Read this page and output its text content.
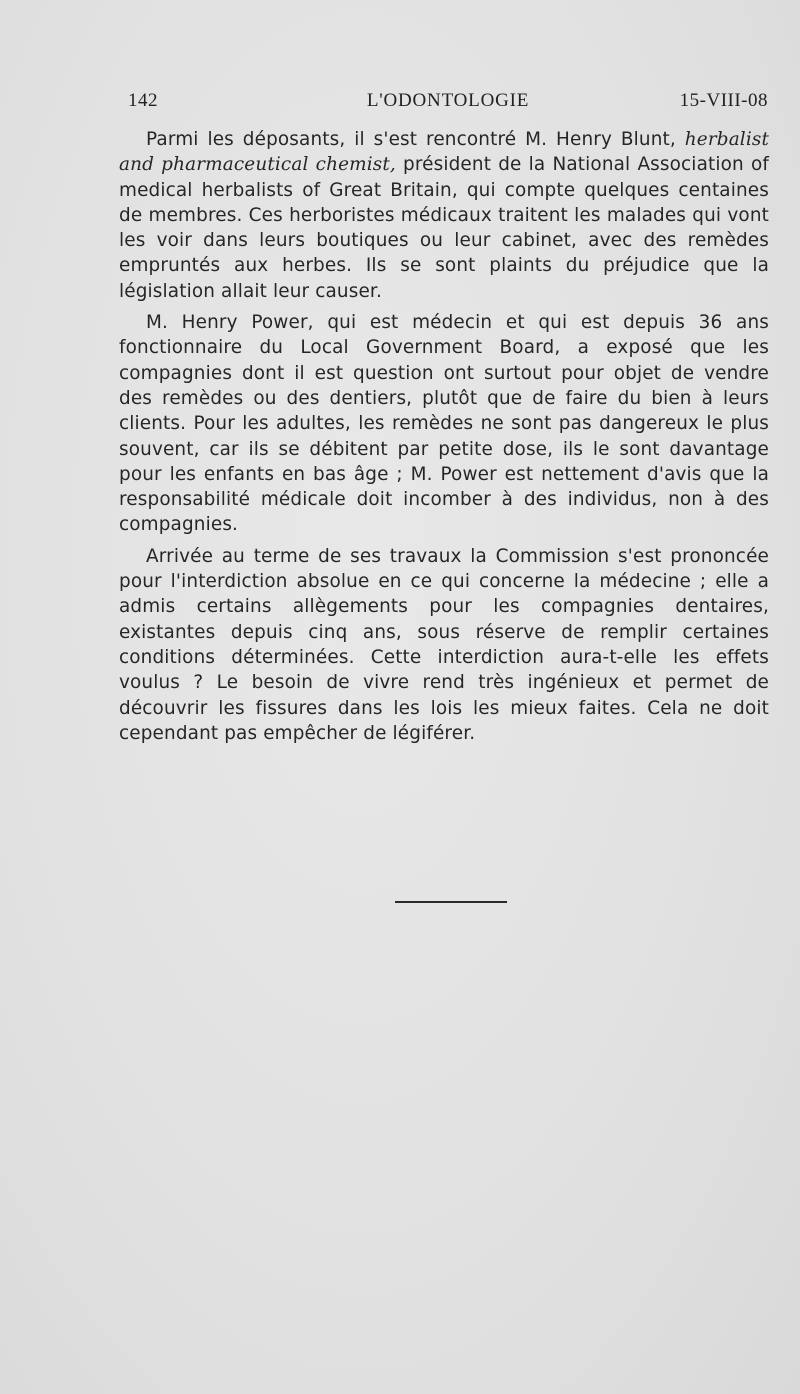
142	L'ODONTOLOGIE	15-VIII-08

Parmi les déposants, il s'est rencontré M. Henry Blunt, herbalist and pharmaceutical chemist, président de la National Association of medical herbalists of Great Britain, qui compte quelques centaines de membres. Ces herboristes médicaux traitent les malades qui vont les voir dans leurs boutiques ou leur cabinet, avec des remèdes empruntés aux herbes. Ils se sont plaints du préjudice que la législation allait leur causer.

M. Henry Power, qui est médecin et qui est depuis 36 ans fonctionnaire du Local Government Board, a exposé que les compagnies dont il est question ont surtout pour objet de vendre des remèdes ou des dentiers, plutôt que de faire du bien à leurs clients. Pour les adultes, les remèdes ne sont pas dangereux le plus souvent, car ils se débitent par petite dose, ils le sont davantage pour les enfants en bas âge ; M. Power est nettement d'avis que la responsabilité médicale doit incomber à des individus, non à des compagnies.

Arrivée au terme de ses travaux la Commission s'est prononcée pour l'interdiction absolue en ce qui concerne la médecine ; elle a admis certains allègements pour les compagnies dentaires, existantes depuis cinq ans, sous réserve de remplir certaines conditions déterminées. Cette interdiction aura-t-elle les effets voulus ? Le besoin de vivre rend très ingénieux et permet de découvrir les fissures dans les lois les mieux faites. Cela ne doit cependant pas empêcher de légiférer.
